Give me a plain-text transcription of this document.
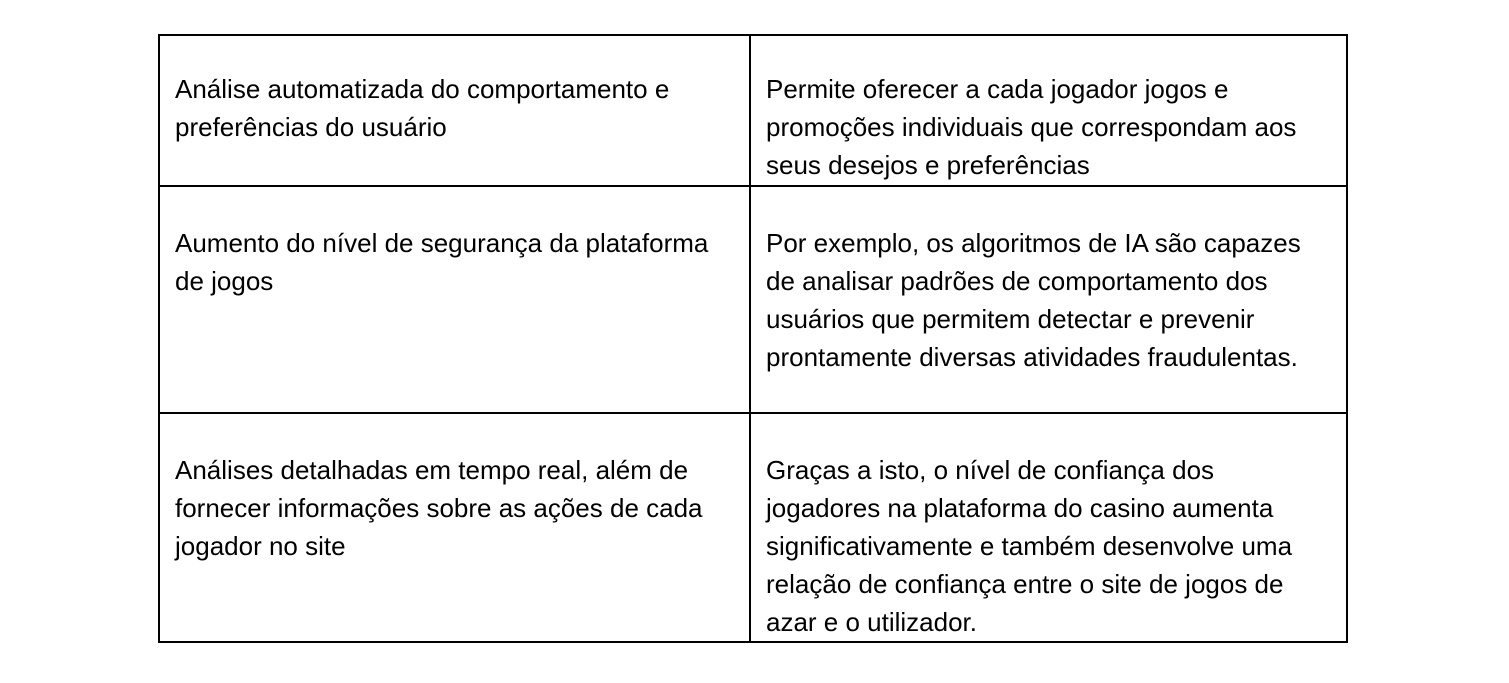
Análise automatizada do comportamento e preferências do usuário	Permite oferecer a cada jogador jogos e promoções individuais que correspondam aos seus desejos e preferências

Aumento do nível de segurança da plataforma de jogos	Por exemplo, os algoritmos de IA são capazes de analisar padrões de comportamento dos usuários que permitem detectar e prevenir prontamente diversas atividades fraudulentas.

Análises detalhadas em tempo real, além de fornecer informações sobre as ações de cada jogador no site	Graças a isto, o nível de confiança dos jogadores na plataforma do casino aumenta significativamente e também desenvolve uma relação de confiança entre o site de jogos de azar e o utilizador.
